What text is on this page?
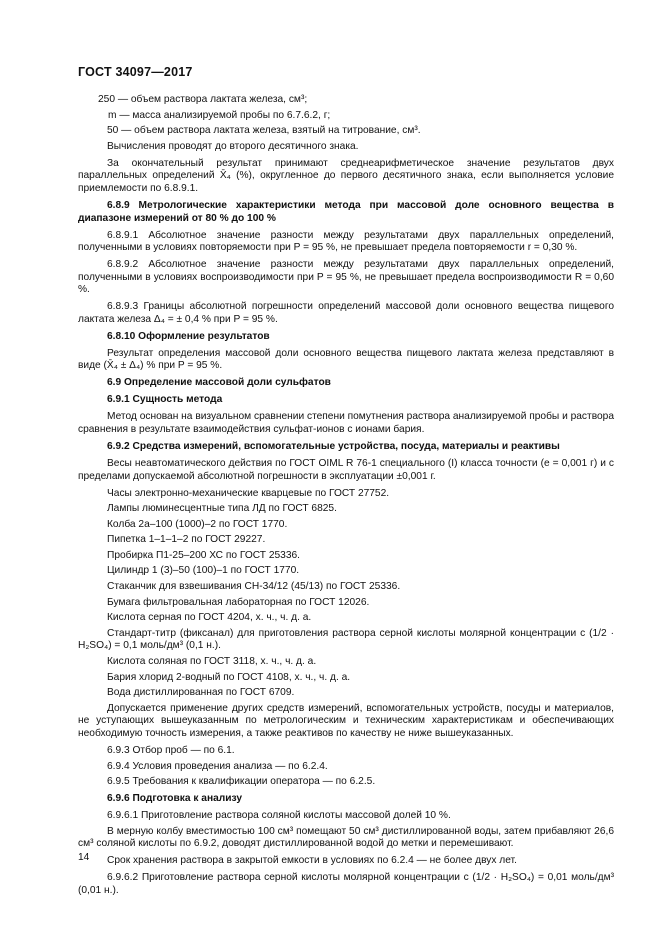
ГОСТ 34097—2017

250 — объем раствора лактата железа, см³;

m — масса анализируемой пробы по 6.7.6.2, г;

50 — объем раствора лактата железа, взятый на титрование, см³.

Вычисления проводят до второго десятичного знака.

За окончательный результат принимают среднеарифметическое значение результатов двух параллельных определений X̄₄ (%), округленное до первого десятичного знака, если выполняется условие приемлемости по 6.8.9.1.

6.8.9 Метрологические характеристики метода при массовой доле основного вещества в диапазоне измерений от 80 % до 100 %

6.8.9.1 Абсолютное значение разности между результатами двух параллельных определений, полученными в условиях повторяемости при P = 95 %, не превышает предела повторяемости r = 0,30 %.

6.8.9.2 Абсолютное значение разности между результатами двух параллельных определений, полученными в условиях воспроизводимости при P = 95 %, не превышает предела воспроизводимости R = 0,60 %.

6.8.9.3 Границы абсолютной погрешности определений массовой доли основного вещества пищевого лактата железа Δ₄ = ± 0,4 % при P = 95 %.

6.8.10 Оформление результатов

Результат определения массовой доли основного вещества пищевого лактата железа представляют в виде (X̄₄ ± Δ₄) % при P = 95 %.

6.9 Определение массовой доли сульфатов

6.9.1 Сущность метода

Метод основан на визуальном сравнении степени помутнения раствора анализируемой пробы и раствора сравнения в результате взаимодействия сульфат-ионов с ионами бария.

6.9.2 Средства измерений, вспомогательные устройства, посуда, материалы и реактивы

Весы неавтоматического действия по ГОСТ OIML R 76-1 специального (I) класса точности (е = 0,001 г) и с пределами допускаемой абсолютной погрешности в эксплуатации ±0,001 г.

Часы электронно-механические кварцевые по ГОСТ 27752.

Лампы люминесцентные типа ЛД по ГОСТ 6825.

Колба 2а–100 (1000)–2 по ГОСТ 1770.

Пипетка 1–1–1–2 по ГОСТ 29227.

Пробирка П1-25–200 ХС по ГОСТ 25336.

Цилиндр 1 (3)–50 (100)–1 по ГОСТ 1770.

Стаканчик для взвешивания СН-34/12 (45/13) по ГОСТ 25336.

Бумага фильтровальная лабораторная по ГОСТ 12026.

Кислота серная по ГОСТ 4204, х. ч., ч. д. а.

Стандарт-титр (фиксанал) для приготовления раствора серной кислоты молярной концентрации с (1/2 · H₂SO₄) = 0,1 моль/дм³ (0,1 н.).

Кислота соляная по ГОСТ 3118, х. ч., ч. д. а.

Бария хлорид 2-водный по ГОСТ 4108, х. ч., ч. д. а.

Вода дистиллированная по ГОСТ 6709.

Допускается применение других средств измерений, вспомогательных устройств, посуды и материалов, не уступающих вышеуказанным по метрологическим и техническим характеристикам и обеспечивающих необходимую точность измерения, а также реактивов по качеству не ниже вышеуказанных.

6.9.3 Отбор проб — по 6.1.

6.9.4 Условия проведения анализа — по 6.2.4.

6.9.5 Требования к квалификации оператора — по 6.2.5.

6.9.6 Подготовка к анализу

6.9.6.1 Приготовление раствора соляной кислоты массовой долей 10 %.

В мерную колбу вместимостью 100 см³ помещают 50 см³ дистиллированной воды, затем прибавляют 26,6 см³ соляной кислоты по 6.9.2, доводят дистиллированной водой до метки и перемешивают.

Срок хранения раствора в закрытой емкости в условиях по 6.2.4 — не более двух лет.

6.9.6.2 Приготовление раствора серной кислоты молярной концентрации с (1/2 · H₂SO₄) = 0,01 моль/дм³ (0,01 н.).

14
